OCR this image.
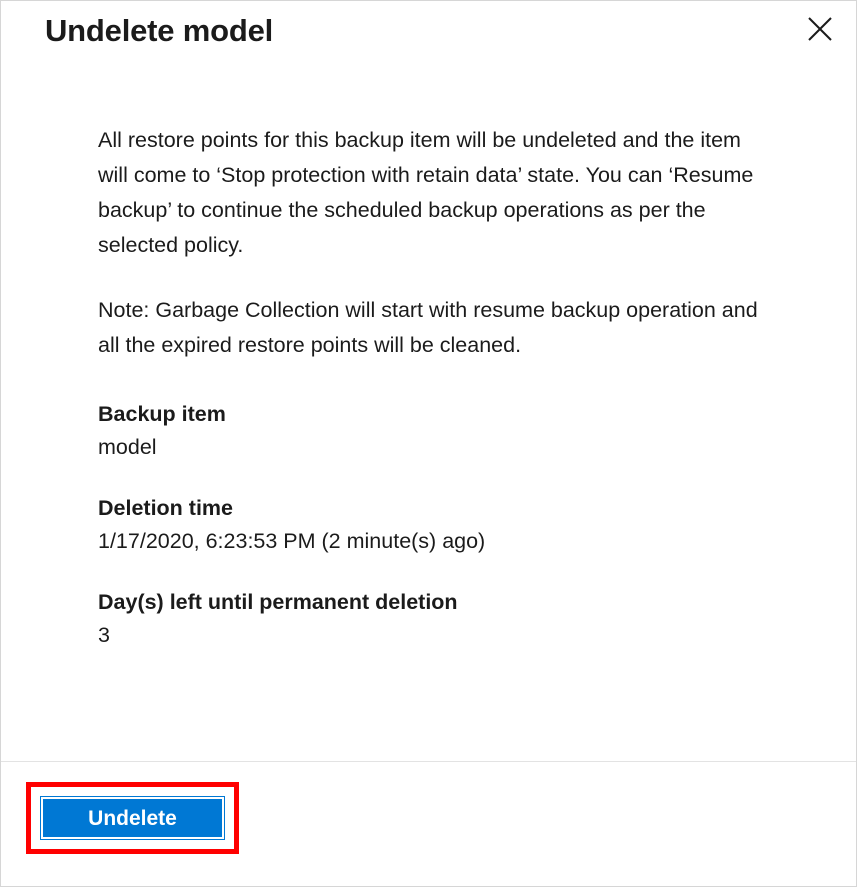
Undelete model

All restore points for this backup item will be undeleted and the item will come to ‘Stop protection with retain data’ state. You can ‘Resume backup’ to continue the scheduled backup operations as per the selected policy.

Note: Garbage Collection will start with resume backup operation and all the expired restore points will be cleaned.

Backup item

model

Deletion time

1/17/2020, 6:23:53 PM (2 minute(s) ago)

Day(s) left until permanent deletion

3

Undelete
